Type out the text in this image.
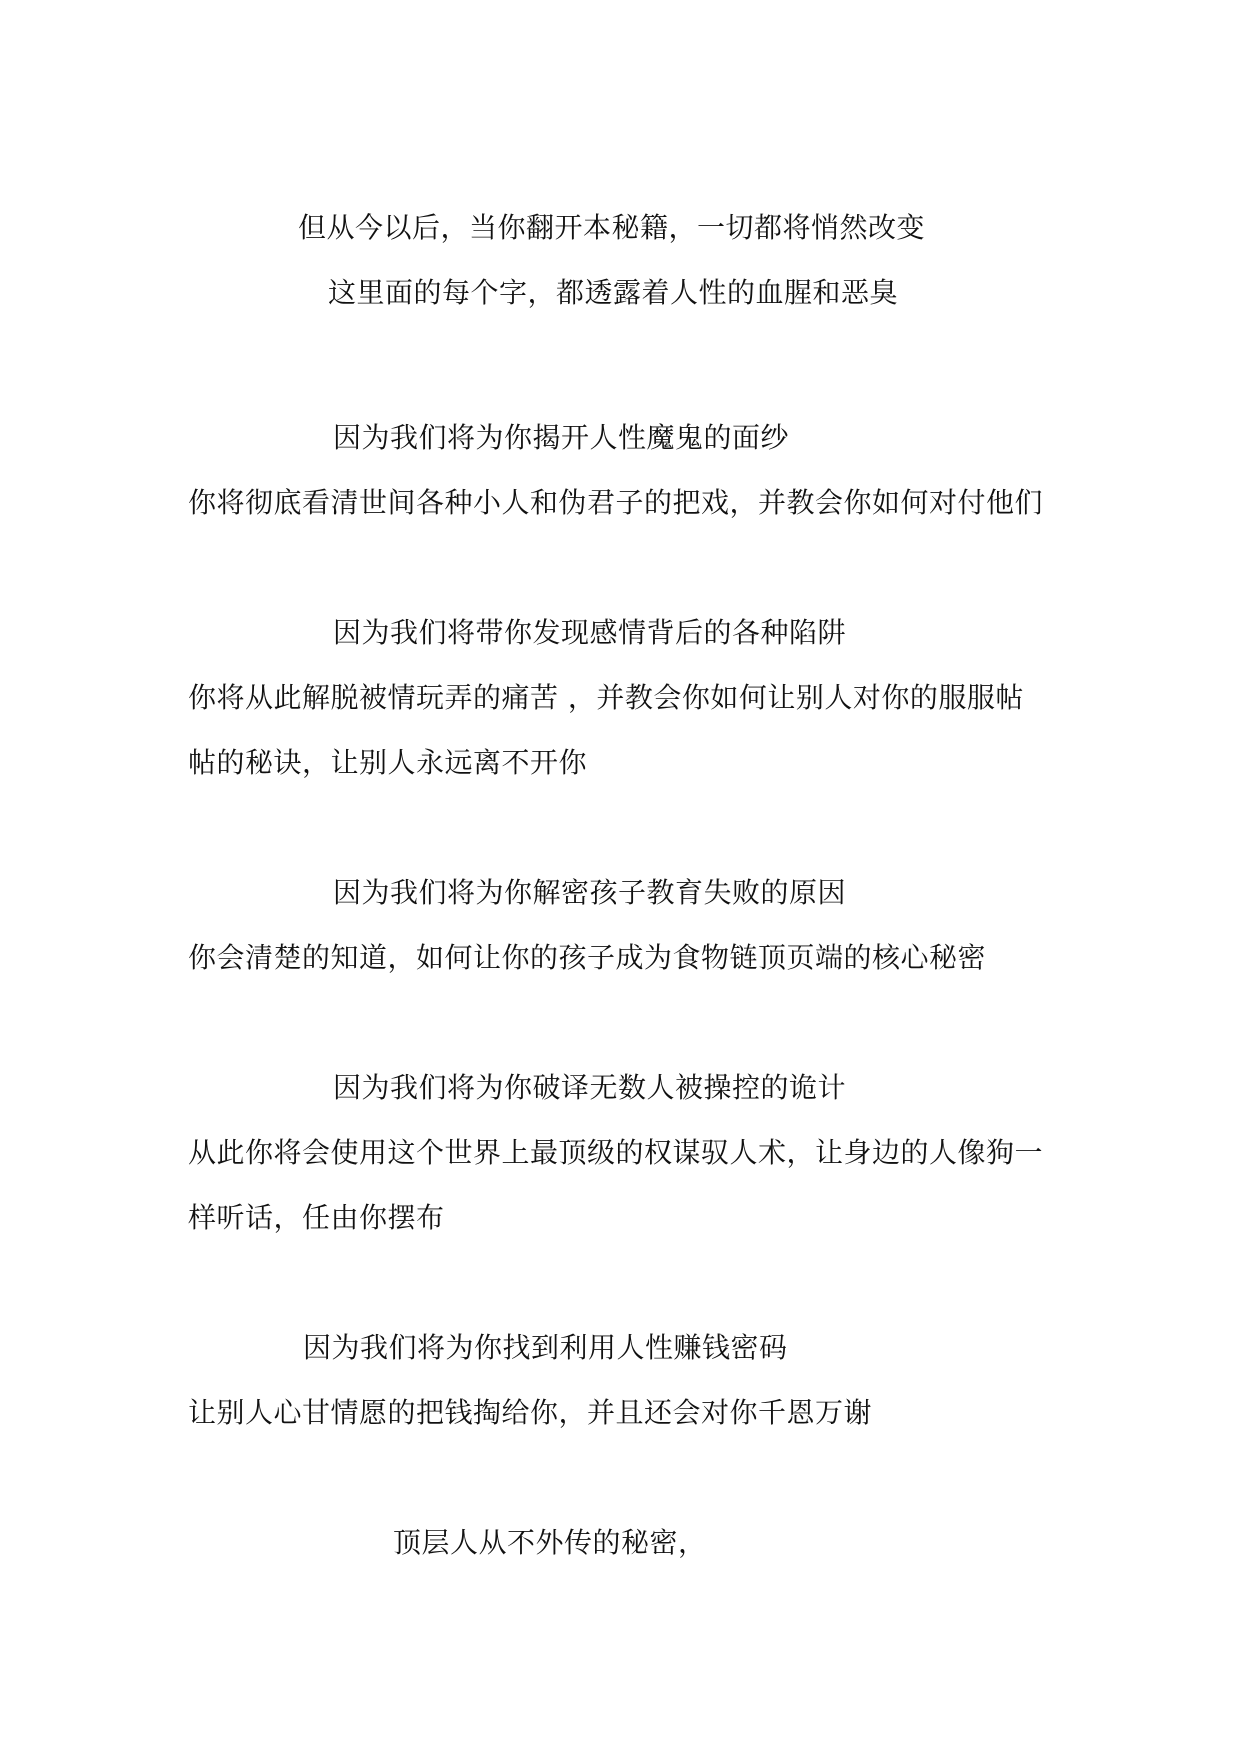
但从今以后，当你翻开本秘籍，一切都将悄然改变
这里面的每个字，都透露着人性的血腥和恶臭
因为我们将为你揭开人性魔鬼的面纱
你将彻底看清世间各种小人和伪君子的把戏，并教会你如何对付他们
因为我们将带你发现感情背后的各种陷阱
你将从此解脱被情玩弄的痛苦 ，并教会你如何让别人对你的服服帖
帖的秘诀，让别人永远离不开你
因为我们将为你解密孩子教育失败的原因
你会清楚的知道，如何让你的孩子成为食物链顶页端的核心秘密
因为我们将为你破译无数人被操控的诡计
从此你将会使用这个世界上最顶级的权谋驭人术，让身边的人像狗一
样听话，任由你摆布
因为我们将为你找到利用人性赚钱密码
让别人心甘情愿的把钱掏给你，并且还会对你千恩万谢
顶层人从不外传的秘密，
